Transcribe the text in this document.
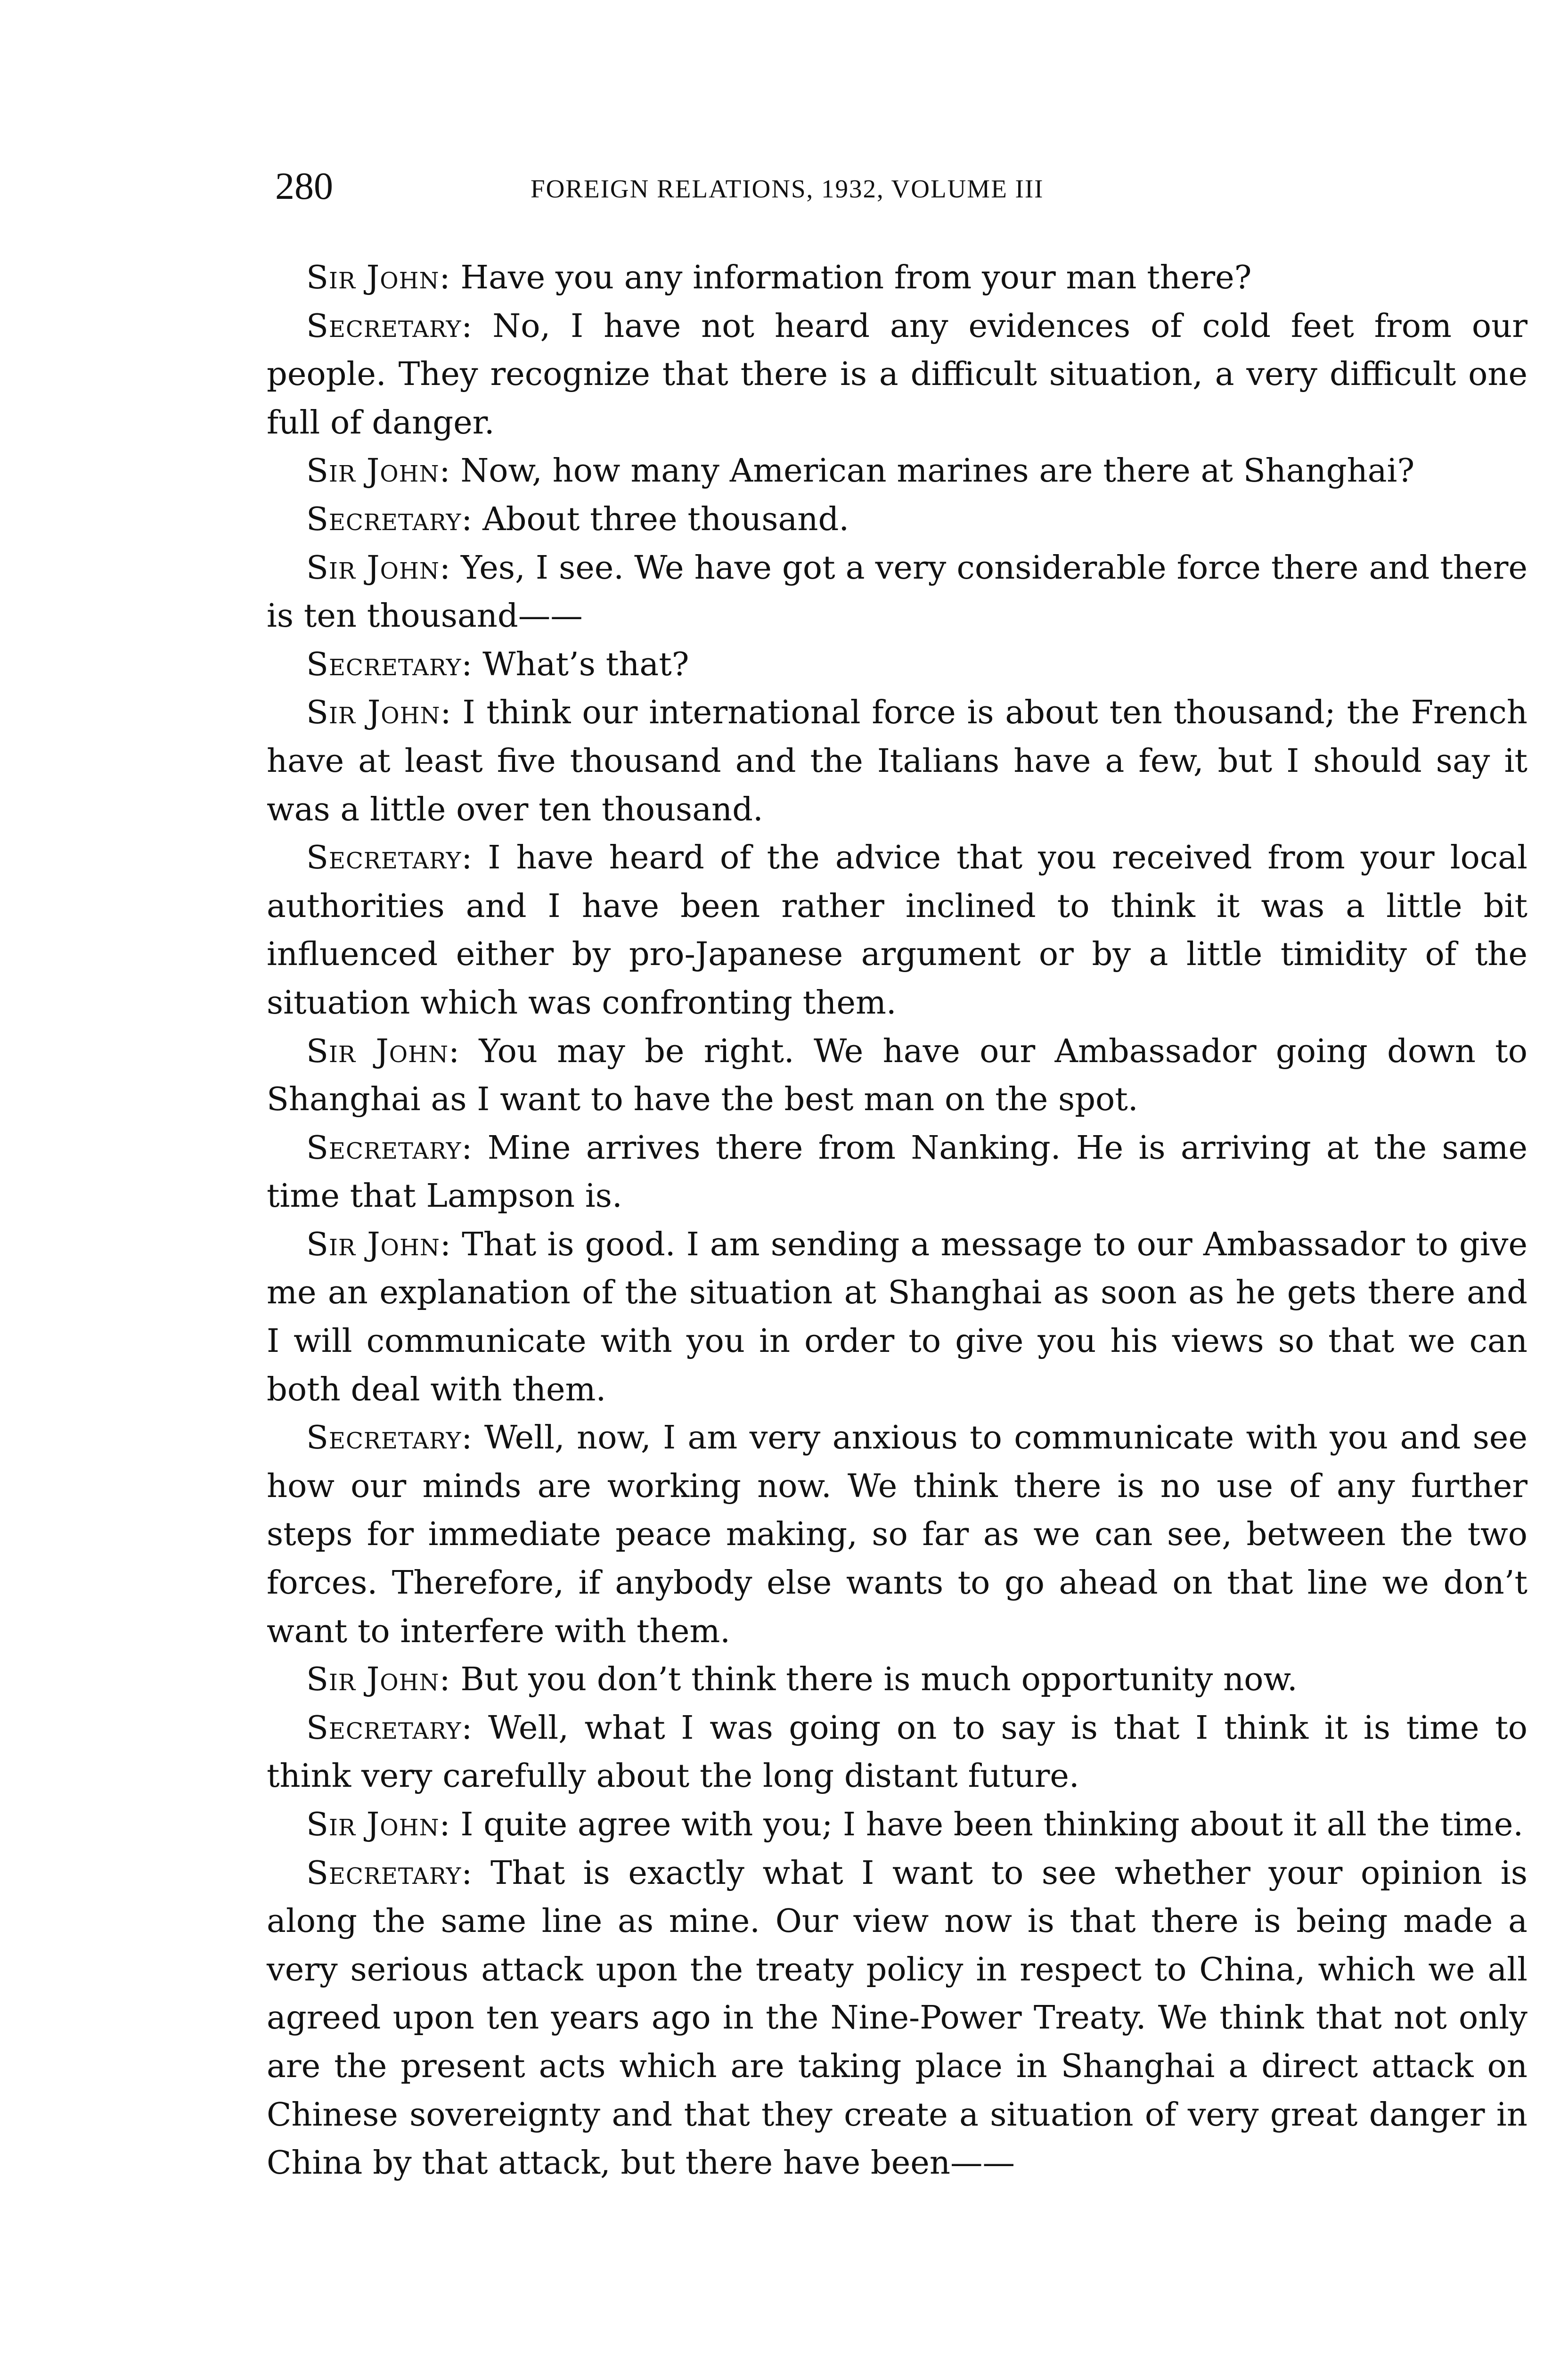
280	FOREIGN RELATIONS, 1932, VOLUME III

Sir John: Have you any information from your man there?

Secretary: No, I have not heard any evidences of cold feet from our people. They recognize that there is a difficult situation, a very difficult one full of danger.

Sir John: Now, how many American marines are there at Shanghai?

Secretary: About three thousand.

Sir John: Yes, I see. We have got a very considerable force there and there is ten thousand——

Secretary: What’s that?

Sir John: I think our international force is about ten thousand; the French have at least five thousand and the Italians have a few, but I should say it was a little over ten thousand.

Secretary: I have heard of the advice that you received from your local authorities and I have been rather inclined to think it was a little bit influenced either by pro-Japanese argument or by a little timidity of the situation which was confronting them.

Sir John: You may be right. We have our Ambassador going down to Shanghai as I want to have the best man on the spot.

Secretary: Mine arrives there from Nanking. He is arriving at the same time that Lampson is.

Sir John: That is good. I am sending a message to our Ambassador to give me an explanation of the situation at Shanghai as soon as he gets there and I will communicate with you in order to give you his views so that we can both deal with them.

Secretary: Well, now, I am very anxious to communicate with you and see how our minds are working now. We think there is no use of any further steps for immediate peace making, so far as we can see, between the two forces. Therefore, if anybody else wants to go ahead on that line we don’t want to interfere with them.

Sir John: But you don’t think there is much opportunity now.

Secretary: Well, what I was going on to say is that I think it is time to think very carefully about the long distant future.

Sir John: I quite agree with you; I have been thinking about it all the time.

Secretary: That is exactly what I want to see whether your opinion is along the same line as mine. Our view now is that there is being made a very serious attack upon the treaty policy in respect to China, which we all agreed upon ten years ago in the Nine-Power Treaty. We think that not only are the present acts which are taking place in Shanghai a direct attack on Chinese sovereignty and that they create a situation of very great danger in China by that attack, but there have been——
